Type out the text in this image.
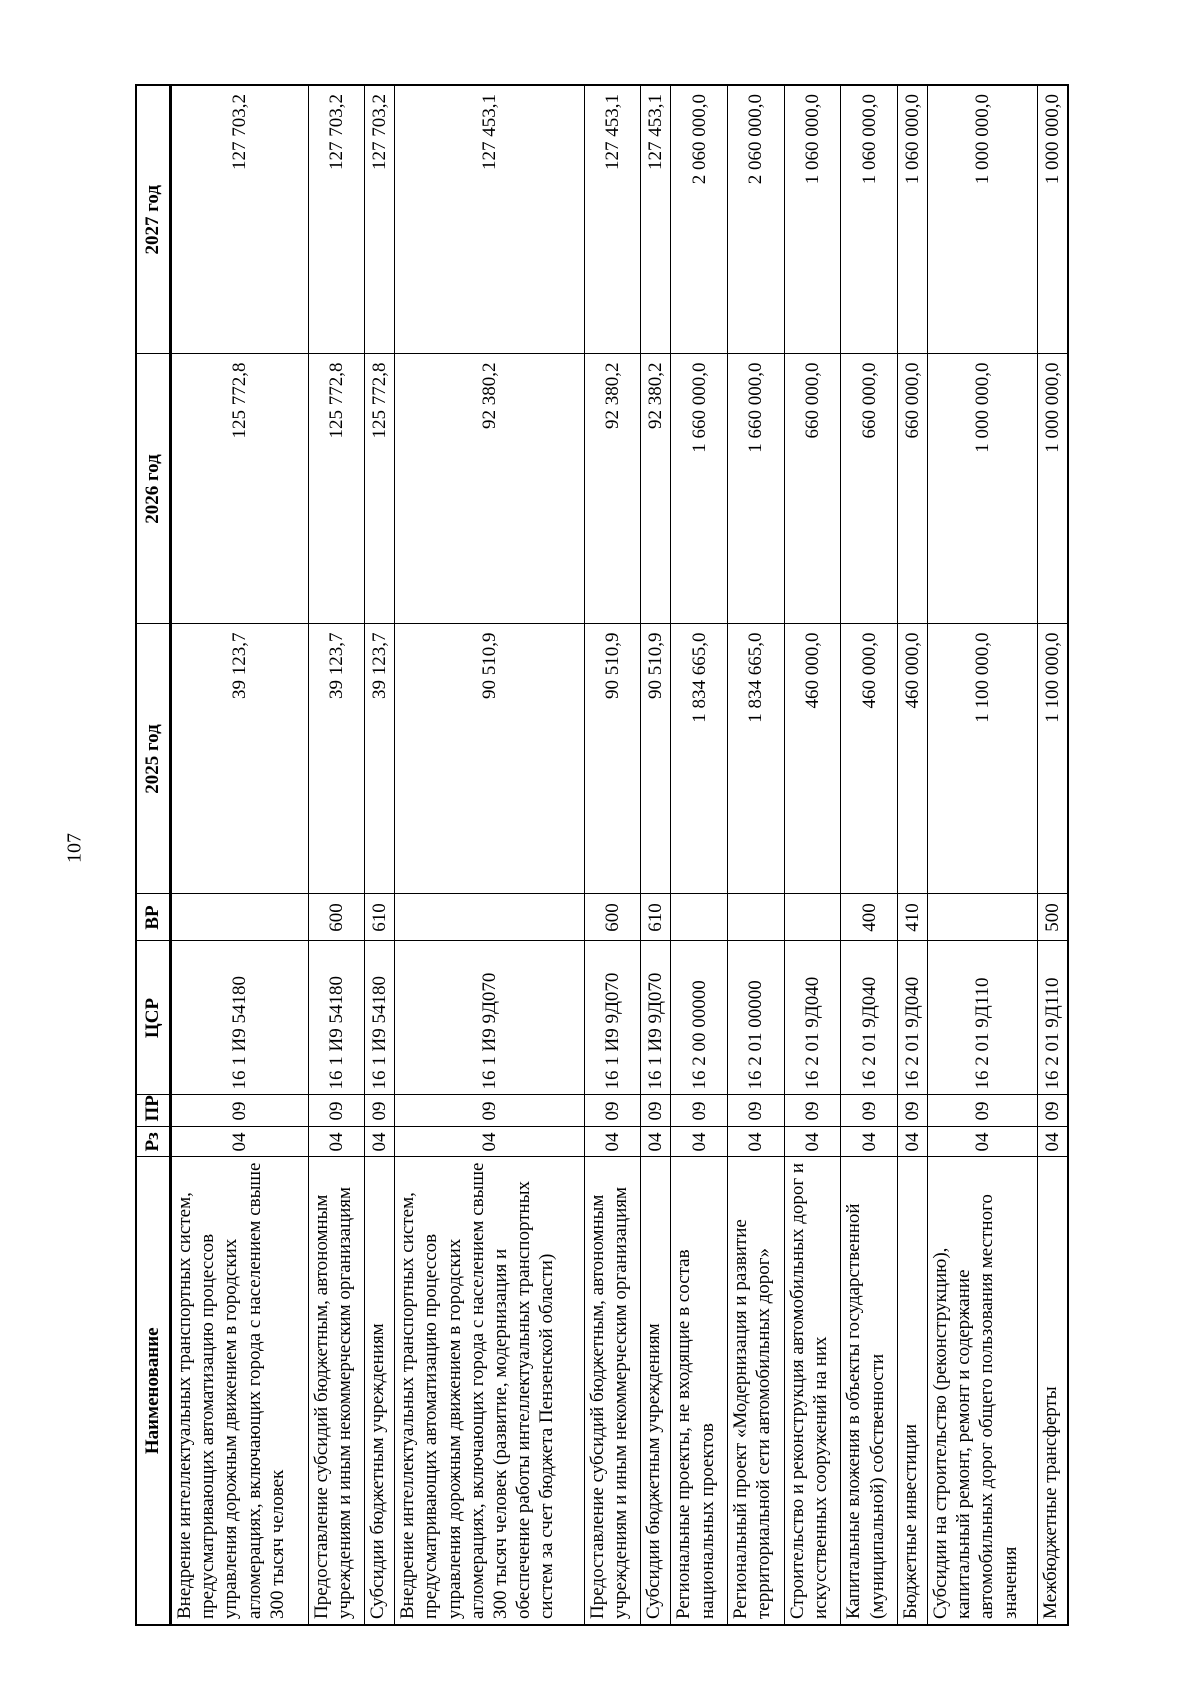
107
Наименование	Рз	ПР	ЦСР	ВР	2025 год	2026 год	2027 год
Внедрение интеллектуальных транспортных систем, предусматривающих автоматизацию процессов управления дорожным движением в городских агломерациях, включающих города с населением свыше 300 тысяч человек	04	09	16 1 И9 54180		39 123,7	125 772,8	127 703,2
Предоставление субсидий бюджетным, автономным учреждениям и иным некоммерческим организациям	04	09	16 1 И9 54180	600	39 123,7	125 772,8	127 703,2
Субсидии бюджетным учреждениям	04	09	16 1 И9 54180	610	39 123,7	125 772,8	127 703,2
Внедрение интеллектуальных транспортных систем, предусматривающих автоматизацию процессов управления дорожным движением в городских агломерациях, включающих города с населением свыше 300 тысяч человек (развитие, модернизация и обеспечение работы интеллектуальных транспортных систем за счет бюджета Пензенской области)	04	09	16 1 И9 9Д070		90 510,9	92 380,2	127 453,1
Предоставление субсидий бюджетным, автономным учреждениям и иным некоммерческим организациям	04	09	16 1 И9 9Д070	600	90 510,9	92 380,2	127 453,1
Субсидии бюджетным учреждениям	04	09	16 1 И9 9Д070	610	90 510,9	92 380,2	127 453,1
Региональные проекты, не входящие в состав национальных проектов	04	09	16 2 00 00000		1 834 665,0	1 660 000,0	2 060 000,0
Региональный проект «Модернизация и развитие территориальной сети автомобильных дорог»	04	09	16 2 01 00000		1 834 665,0	1 660 000,0	2 060 000,0
Строительство и реконструкция автомобильных дорог и искусственных сооружений на них	04	09	16 2 01 9Д040		460 000,0	660 000,0	1 060 000,0
Капитальные вложения в объекты государственной (муниципальной) собственности	04	09	16 2 01 9Д040	400	460 000,0	660 000,0	1 060 000,0
Бюджетные инвестиции	04	09	16 2 01 9Д040	410	460 000,0	660 000,0	1 060 000,0
Субсидии на строительство (реконструкцию), капитальный ремонт, ремонт и содержание автомобильных дорог общего пользования местного значения	04	09	16 2 01 9Д110		1 100 000,0	1 000 000,0	1 000 000,0
Межбюджетные трансферты	04	09	16 2 01 9Д110	500	1 100 000,0	1 000 000,0	1 000 000,0
